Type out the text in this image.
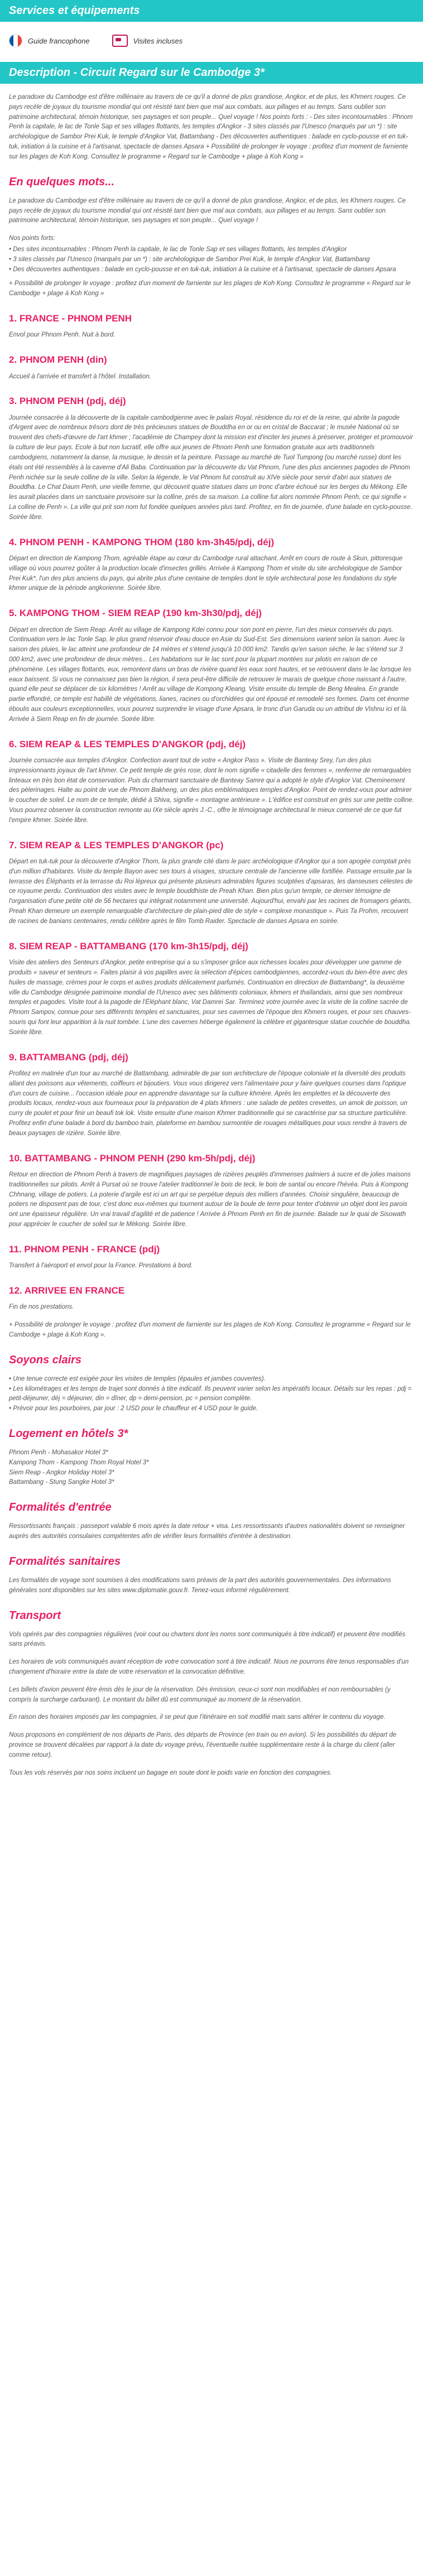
Services et équipements
Guide francophone	Visites incluses
Description - Circuit Regard sur le Cambodge 3*

Le paradoxe du Cambodge est d'être millénaire au travers de ce qu'il a donné de plus grandiose, Angkor, et de plus, les Khmers rouges. Ce pays recèle de joyaux du tourisme mondial qui ont résisté tant bien que mal aux combats, aux pillages et au temps. Sans oublier son patrimoine architectural, témoin historique, ses paysages et son peuple... Quel voyage ! Nos points forts : - Des sites incontournables : Phnom Penh la capitale, le lac de Tonle Sap et ses villages flottants, les temples d'Angkor - 3 sites classés par l'Unesco (marqués par un *) : site archéologique de Sambor Prei Kuk, le temple d'Angkor Vat, Battambang - Des découvertes authentiques : balade en cyclo-pousse et en tuk-tuk, initiation à la cuisine et à l'artisanat, spectacle de danses Apsara + Possibilité de prolonger le voyage : profitez d'un moment de farniente sur les plages de Koh Kong. Consultez le programme « Regard sur le Cambodge + plage à Koh Kong »

En quelques mots...

Le paradoxe du Cambodge est d'être millénaire au travers de ce qu'il a donné de plus grandiose, Angkor, et de plus, les Khmers rouges. Ce pays recèle de joyaux du tourisme mondial qui ont résisté tant bien que mal aux combats, aux pillages et au temps. Sans oublier son patrimoine architectural, témoin historique, ses paysages et son peuple... Quel voyage !

Nos points forts:

• Des sites incontournables : Phnom Penh la capitale, le lac de Tonle Sap et ses villages flottants, les temples d'Angkor
• 3 sites classés par l'Unesco (marqués par un *) : site archéologique de Sambor Prei Kuk, le temple d'Angkor Vat, Battambang
• Des découvertes authentiques : balade en cyclo-pousse et en tuk-tuk, initiation à la cuisine et à l'artisanat, spectacle de danses Apsara

+ Possibilité de prolonger le voyage : profitez d'un moment de farniente sur les plages de Koh Kong. Consultez le programme « Regard sur le Cambodge + plage à Koh Kong »

1. FRANCE - PHNOM PENH

Envol pour Phnom Penh. Nuit à bord.

2. PHNOM PENH (din)

Accueil à l'arrivée et transfert à l'hôtel. Installation.

3. PHNOM PENH (pdj, déj)

Journée consacrée à la découverte de la capitale cambodgienne avec le palais Royal, résidence du roi et de la reine, qui abrite la pagode d'Argent avec de nombreux trésors dont de très précieuses statues de Bouddha en or ou en cristal de Baccarat ; le musée National où se trouvent des chefs-d'œuvre de l'art khmer ; l'académie de Champey dont la mission est d'inciter les jeunes à préserver, protéger et promouvoir la culture de leur pays. Ecole à but non lucratif, elle offre aux jeunes de Phnom Penh une formation gratuite aux arts traditionnels cambodgiens, notamment la danse, la musique, le dessin et la peinture. Passage au marché de Tuol Tumpong (ou marché russe) dont les étals ont été ressemblés à la caverne d'Ali Baba. Continuation par la découverte du Vat Phnom, l'une des plus anciennes pagodes de Phnom Penh nichée sur la seule colline de la ville. Selon la légende, le Vat Phnom fut construit au XIVe siècle pour servir d'abri aux statues de Bouddha. Le Chat Daum Penh, une vieille femme, qui découvrit quatre statues dans un tronc d'arbre échoué sur les berges du Mékong. Elle les aurait placées dans un sanctuaire provisoire sur la colline, près de sa maison. La colline fut alors nommée Phnom Penh, ce qui signifie « La colline de Penh ». La ville qui prit son nom fut fondée quelques années plus tard. Profitez, en fin de journée, d'une balade en cyclo-pousse. Soirée libre.

4. PHNOM PENH - KAMPONG THOM (180 km-3h45/pdj, déj)

Départ en direction de Kampong Thom, agréable étape au cœur du Cambodge rural attachant. Arrêt en cours de route à Skun, pittoresque village où vous pourrez goûter à la production locale d'insectes grillés. Arrivée à Kampong Thom et visite du site archéologique de Sambor Prei Kuk*, l'un des plus anciens du pays, qui abrite plus d'une centaine de temples dont le style architectural pose les fondations du style khmer unique de la période angkorienne. Soirée libre.

5. KAMPONG THOM - SIEM REAP (190 km-3h30/pdj, déj)

Départ en direction de Siem Reap. Arrêt au village de Kampong Kdei connu pour son pont en pierre, l'un des mieux conservés du pays. Continuation vers le lac Tonle Sap, le plus grand réservoir d'eau douce en Asie du Sud-Est. Ses dimensions varient selon la saison. Avec la saison des pluies, le lac atteint une profondeur de 14 mètres et s'étend jusqu'à 10 000 km2. Tandis qu'en saison sèche, le lac s'étend sur 3 000 km2, avec une profondeur de deux mètres... Les habitations sur le lac sont pour la plupart montées sur pilotis en raison de ce phénomène. Les villages flottants, eux, remontent dans un bras de rivière quand les eaux sont hautes, et se retrouvent dans le lac lorsque les eaux baissent. Si vous ne connaissez pas bien la région, il sera peut-être difficile de retrouver le marais de quelque chose naissant à l'autre, quand elle peut se déplacer de six kilomètres ! Arrêt au village de Kompong Kleang. Visite ensuite du temple de Beng Mealea. En grande partie effondré, ce temple est habillé de végétations, lianes, racines ou d'orchidées qui ont épousé et remodelé ses formes. Dans cet énorme éboulis aux couleurs exceptionnelles, vous pourrez surprendre le visage d'une Apsara, le tronc d'un Garuda ou un attribut de Vishnu ici et là. Arrivée à Siem Reap en fin de journée. Soirée libre.

6. SIEM REAP & LES TEMPLES D'ANGKOR (pdj, déj)

Journée consacrée aux temples d'Angkor. Confection avant tout de votre « Angkor Pass ». Visite de Banteay Srey, l'un des plus impressionnants joyaux de l'art khmer. Ce petit temple de grès rose, dont le nom signifie « citadelle des femmes », renferme de remarquables linteaux en très bon état de conservation. Puis du charmant sanctuaire de Banteay Samre qui a adopté le style d'Angkor Vat. Cheminement des pèlerinages. Halte au point de vue de Phnom Bakheng, un des plus emblématiques temples d'Angkor. Point de rendez-vous pour admirer le coucher de soleil. Le nom de ce temple, dédié à Shiva, signifie « montagne antérieure ». L'édifice est construit en grès sur une petite colline. Vous pourrez observer la construction remonte au IXe siècle après J.-C., offre le témoignage architectural le mieux conservé de ce que fut l'empire khmer. Soirée libre.

7. SIEM REAP & LES TEMPLES D'ANGKOR (pc)

Départ en tuk-tuk pour la découverte d'Angkor Thom, la plus grande cité dans le parc archéologique d'Angkor qui a son apogée comptait près d'un million d'habitants. Visite du temple Bayon avec ses tours à visages, structure centrale de l'ancienne ville fortifiée. Passage ensuite par la terrasse des Éléphants et la terrasse du Roi lépreux qui présente plusieurs admirables figures sculptées d'apsaras, les danseuses célestes de ce royaume perdu. Continuation des visites avec le temple bouddhiste de Preah Khan. Bien plus qu'un temple, ce dernier témoigne de l'organisation d'une petite cité de 56 hectares qui intégrait notamment une université. Aujourd'hui, envahi par les racines de fromagers géants, Preah Khan demeure un exemple remarquable d'architecture de plain-pied dite de style « complexe monastique ». Puis Ta Prohm, recouvert de racines de banians centenaires, rendu célèbre après le film Tomb Raider. Spectacle de danses Apsara en soirée.

8. SIEM REAP - BATTAMBANG (170 km-3h15/pdj, déj)

Visite des ateliers des Senteurs d'Angkor, petite entreprise qui a su s'imposer grâce aux richesses locales pour développer une gamme de produits « saveur et senteurs ». Faites plaisir à vos papilles avec la sélection d'épices cambodgiennes, accordez-vous du bien-être avec des huiles de massage, crèmes pour le corps et autres produits délicatement parfumés. Continuation en direction de Battambang*, la deuxième ville du Cambodge désignée patrimoine mondial de l'Unesco avec ses bâtiments coloniaux, khmers et thaïlandais, ainsi que ses nombreux temples et pagodes. Visite tout à la pagode de l'Éléphant blanc, Vat Damrei Sar. Terminez votre journée avec la visite de la colline sacrée de Phnom Sampov, connue pour ses différents temples et sanctuaires, pour ses cavernes de l'époque des Khmers rouges, et pour ses chauves-souris qui font leur apparition à la nuit tombée. L'une des cavernes héberge également la célèbre et gigantesque statue couchée de bouddha. Soirée libre.

9. BATTAMBANG (pdj, déj)

Profitez en matinée d'un tour au marché de Battambang, admirable de par son architecture de l'époque coloniale et la diversité des produits allant des poissons aux vêtements, coiffeurs et bijoutiers. Vous vous dirigerez vers l'alimentaire pour y faire quelques courses dans l'optique d'un cours de cuisine... l'occasion idéale pour en apprendre davantage sur la culture khmère. Après les emplettes et la découverte des produits locaux, rendez-vous aux fourneaux pour la préparation de 4 plats khmers : une salade de petites crevettes, un amok de poisson, un curry de poulet et pour finir un beaufi tok lok. Visite ensuite d'une maison Khmer traditionnelle qui se caractérise par sa structure particulière. Profitez enfin d'une balade à bord du bamboo train, plateforme en bambou surmontée de rouages métalliques pour vous rendre à travers de beaux paysages de rizière. Soirée libre.

10. BATTAMBANG - PHNOM PENH (290 km-5h/pdj, déj)

Retour en direction de Phnom Penh à travers de magnifiques paysages de rizières peuplés d'immenses palmiers à sucre et de jolies maisons traditionnelles sur pilotis. Arrêt à Pursat où se trouve l'atelier traditionnel le bois de teck, le bois de santal ou encore l'hévéa. Puis à Kompong Chhnang, village de potiers. La poterie d'argile est ici un art qui se perpétue depuis des milliers d'années. Choisir singulière, beaucoup de potiers ne disposent pas de tour, c'est donc eux-mêmes qui tournent autour de la boule de terre pour tenter d'obtenir un objet dont les parois ont une épaisseur régulière. Un vrai travail d'agilité et de patience ! Arrivée à Phnom Penh en fin de journée. Balade sur le quai de Sisowath pour apprécier le coucher de soleil sur le Mékong. Soirée libre.

11. PHNOM PENH - FRANCE (pdj)

Transfert à l'aéroport et envol pour la France. Prestations à bord.

12. ARRIVEE EN FRANCE

Fin de nos prestations.

+ Possibilité de prolonger le voyage : profitez d'un moment de farniente sur les plages de Koh Kong. Consultez le programme « Regard sur le Cambodge + plage à Koh Kong ».

Soyons clairs
• Une tenue correcte est exigée pour les visites de temples (épaules et jambes couvertes).
• Les kilométrages et les temps de trajet sont donnés à titre indicatif. Ils peuvent varier selon les impératifs locaux. Détails sur les repas : pdj = petit-déjeuner, déj = déjeuner, din = dîner, dp = demi-pension, pc = pension complète.
• Prévoir pour les pourboires, par jour : 2 USD pour le chauffeur et 4 USD pour le guide.
Logement en hôtels 3*

Phnom Penh - Mohasakor Hotel 3*

Kampong Thom - Kampong Thom Royal Hotel 3*

Siem Reap - Angkor Holiday Hotel 3*

Battambang - Stung Sangke Hotel 3*

Formalités d'entrée

Ressortissants français : passeport valable 6 mois après la date retour + visa. Les ressortissants d'autres nationalités doivent se renseigner auprès des autorités consulaires compétentes afin de vérifier leurs formalités d'entrée à destination.

Formalités sanitaires

Les formalités de voyage sont soumises à des modifications sans préavis de la part des autorités gouvernementales. Des informations générales sont disponibles sur les sites www.diplomatie.gouv.fr. Tenez-vous informé régulièrement.

Transport

Vols opérés par des compagnies régulières (voir cout ou charters dont les noms sont communiqués à titre indicatif) et peuvent être modifiés sans préavis.

Les horaires de vols communiqués avant réception de votre convocation sont à titre indicatif. Nous ne pourrons être tenus responsables d'un changement d'horaire entre la date de votre réservation et la convocation définitive.

Les billets d'avion peuvent être émis dès le jour de la réservation. Dès émission, ceux-ci sont non modifiables et non remboursables (y compris la surcharge carburant). Le montant du billet dû est communiqué au moment de la réservation.

En raison des horaires imposés par les compagnies, il se peut que l'itinéraire en soit modifié mais sans altérer le contenu du voyage.

Nous proposons en complément de nos départs de Paris, des départs de Province (en train ou en avion). Si les possibilités du départ de province se trouvent décalées par rapport à la date du voyage prévu, l'éventuelle nuitée supplémentaire reste à la charge du client (aller comme retour).

Tous les vols réservés par nos soins incluent un bagage en soute dont le poids varie en fonction des compagnies.
